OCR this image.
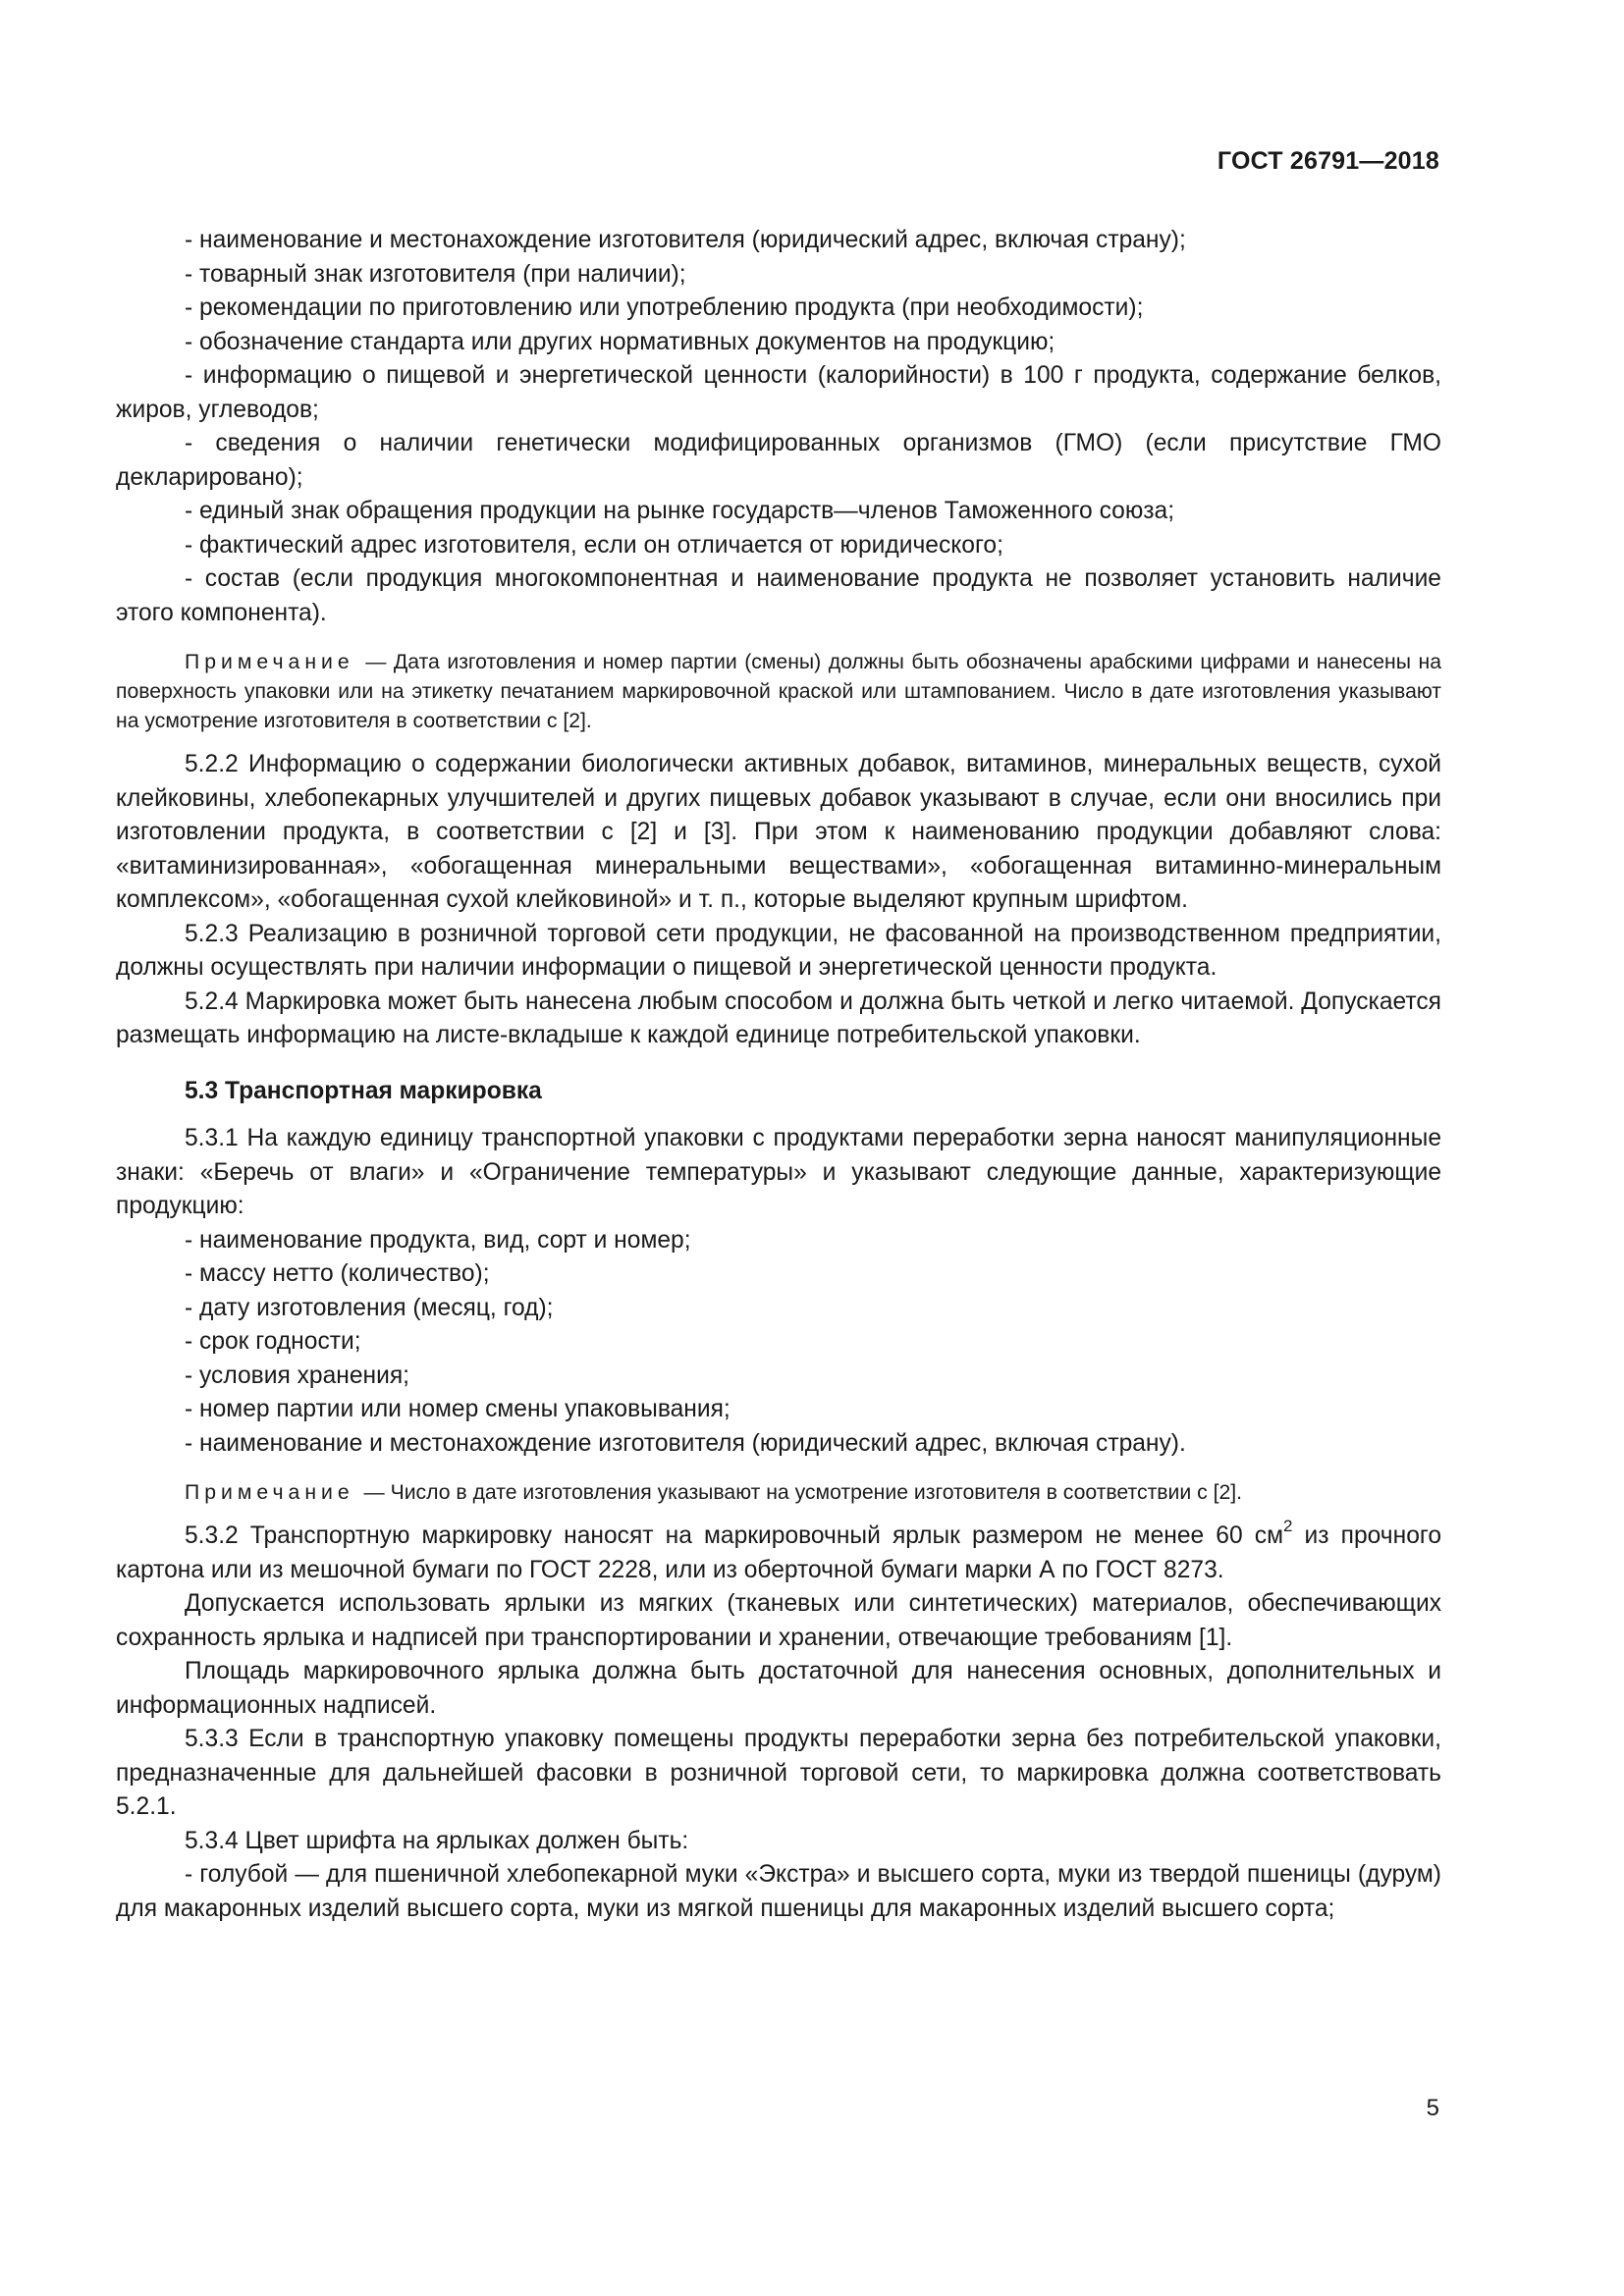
ГОСТ 26791—2018

- наименование и местонахождение изготовителя (юридический адрес, включая страну);

- товарный знак изготовителя (при наличии);

- рекомендации по приготовлению или употреблению продукта (при необходимости);

- обозначение стандарта или других нормативных документов на продукцию;

- информацию о пищевой и энергетической ценности (калорийности) в 100 г продукта, содержание белков, жиров, углеводов;

- сведения о наличии генетически модифицированных организмов (ГМО) (если присутствие ГМО декларировано);

- единый знак обращения продукции на рынке государств—членов Таможенного союза;

- фактический адрес изготовителя, если он отличается от юридического;

- состав (если продукция многокомпонентная и наименование продукта не позволяет установить наличие этого компонента).

Примечание — Дата изготовления и номер партии (смены) должны быть обозначены арабскими цифрами и нанесены на поверхность упаковки или на этикетку печатанием маркировочной краской или штампованием. Число в дате изготовления указывают на усмотрение изготовителя в соответствии с [2].

5.2.2 Информацию о содержании биологически активных добавок, витаминов, минеральных веществ, сухой клейковины, хлебопекарных улучшителей и других пищевых добавок указывают в случае, если они вносились при изготовлении продукта, в соответствии с [2] и [3]. При этом к наименованию продукции добавляют слова: «витаминизированная», «обогащенная минеральными веществами», «обогащенная витаминно-минеральным комплексом», «обогащенная сухой клейковиной» и т. п., которые выделяют крупным шрифтом.

5.2.3 Реализацию в розничной торговой сети продукции, не фасованной на производственном предприятии, должны осуществлять при наличии информации о пищевой и энергетической ценности продукта.

5.2.4 Маркировка может быть нанесена любым способом и должна быть четкой и легко читаемой. Допускается размещать информацию на листе-вкладыше к каждой единице потребительской упаковки.

5.3 Транспортная маркировка

5.3.1 На каждую единицу транспортной упаковки с продуктами переработки зерна наносят манипуляционные знаки: «Беречь от влаги» и «Ограничение температуры» и указывают следующие данные, характеризующие продукцию:

- наименование продукта, вид, сорт и номер;

- массу нетто (количество);

- дату изготовления (месяц, год);

- срок годности;

- условия хранения;

- номер партии или номер смены упаковывания;

- наименование и местонахождение изготовителя (юридический адрес, включая страну).

Примечание — Число в дате изготовления указывают на усмотрение изготовителя в соответствии с [2].

5.3.2 Транспортную маркировку наносят на маркировочный ярлык размером не менее 60 $см^2$ из прочного картона или из мешочной бумаги по ГОСТ 2228, или из оберточной бумаги марки А по ГОСТ 8273.

Допускается использовать ярлыки из мягких (тканевых или синтетических) материалов, обеспечивающих сохранность ярлыка и надписей при транспортировании и хранении, отвечающие требованиям [1].

Площадь маркировочного ярлыка должна быть достаточной для нанесения основных, дополнительных и информационных надписей.

5.3.3 Если в транспортную упаковку помещены продукты переработки зерна без потребительской упаковки, предназначенные для дальнейшей фасовки в розничной торговой сети, то маркировка должна соответствовать 5.2.1.

5.3.4 Цвет шрифта на ярлыках должен быть:

- голубой — для пшеничной хлебопекарной муки «Экстра» и высшего сорта, муки из твердой пшеницы (дурум) для макаронных изделий высшего сорта, муки из мягкой пшеницы для макаронных изделий высшего сорта;

5
